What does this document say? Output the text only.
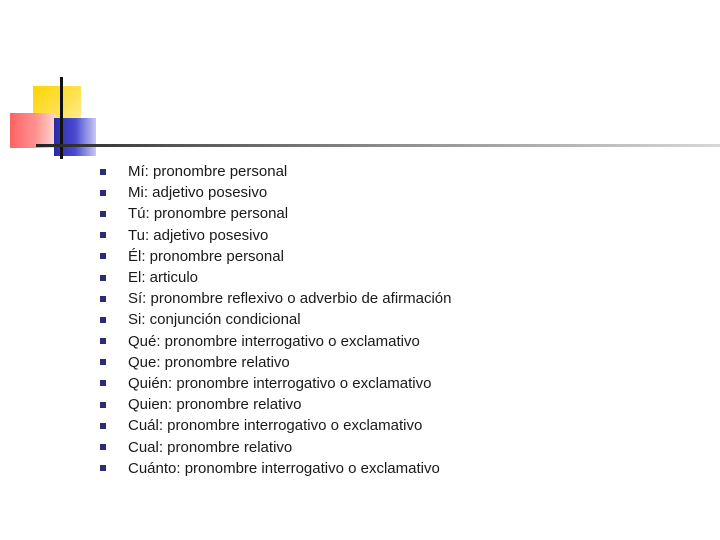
Mí: pronombre personal
Mi: adjetivo posesivo
Tú: pronombre personal
Tu: adjetivo posesivo
Él: pronombre personal
El: articulo
Sí: pronombre reflexivo o adverbio de afirmación
Si: conjunción condicional
Qué: pronombre interrogativo o exclamativo
Que: pronombre relativo
Quién: pronombre interrogativo o exclamativo
Quien: pronombre relativo
Cuál: pronombre interrogativo o exclamativo
Cual: pronombre relativo
Cuánto: pronombre interrogativo o exclamativo
